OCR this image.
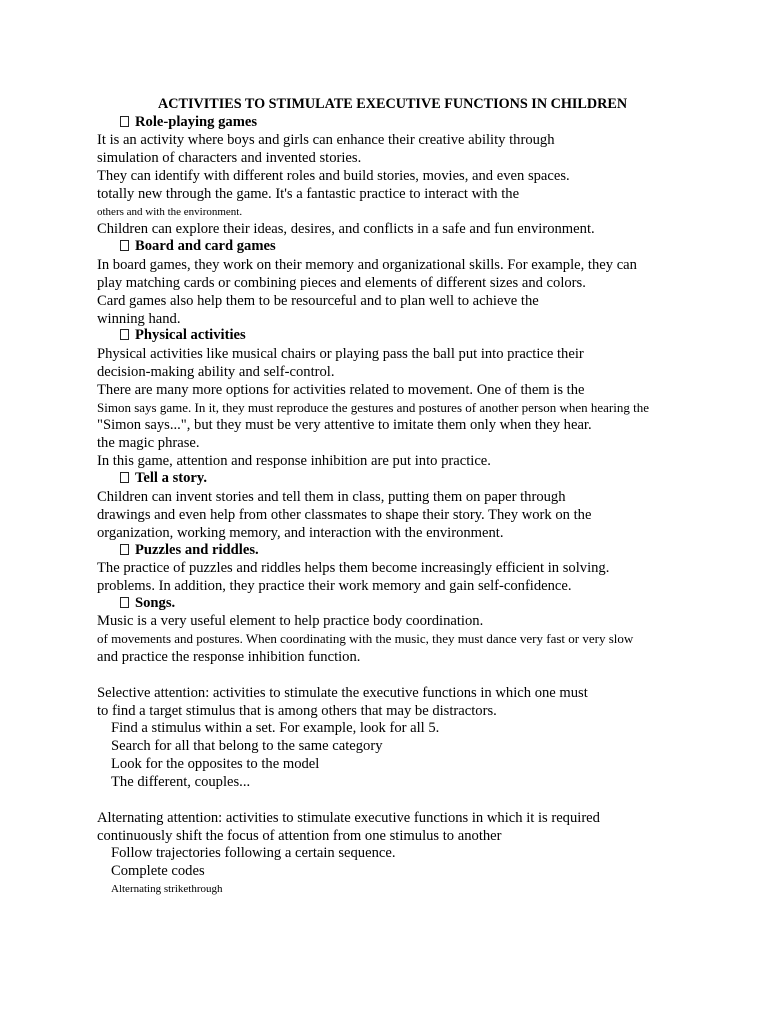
ACTIVITIES TO STIMULATE EXECUTIVE FUNCTIONS IN CHILDREN
Role-playing games
It is an activity where boys and girls can enhance their creative ability through
simulation of characters and invented stories.
They can identify with different roles and build stories, movies, and even spaces.
totally new through the game. It's a fantastic practice to interact with the
others and with the environment.
Children can explore their ideas, desires, and conflicts in a safe and fun environment.
Board and card games
In board games, they work on their memory and organizational skills. For example, they can
play matching cards or combining pieces and elements of different sizes and colors.
Card games also help them to be resourceful and to plan well to achieve the
winning hand.
Physical activities
Physical activities like musical chairs or playing pass the ball put into practice their
decision-making ability and self-control.
There are many more options for activities related to movement. One of them is the
Simon says game. In it, they must reproduce the gestures and postures of another person when hearing the
"Simon says...", but they must be very attentive to imitate them only when they hear.
the magic phrase.
In this game, attention and response inhibition are put into practice.
Tell a story.
Children can invent stories and tell them in class, putting them on paper through
drawings and even help from other classmates to shape their story. They work on the
organization, working memory, and interaction with the environment.
Puzzles and riddles.
The practice of puzzles and riddles helps them become increasingly efficient in solving.
problems. In addition, they practice their work memory and gain self-confidence.
Songs.
Music is a very useful element to help practice body coordination.
of movements and postures. When coordinating with the music, they must dance very fast or very slow
and practice the response inhibition function.
Selective attention: activities to stimulate the executive functions in which one must
to find a target stimulus that is among others that may be distractors.
Find a stimulus within a set. For example, look for all 5.
Search for all that belong to the same category
Look for the opposites to the model
The different, couples...
Alternating attention: activities to stimulate executive functions in which it is required
continuously shift the focus of attention from one stimulus to another
Follow trajectories following a certain sequence.
Complete codes
Alternating strikethrough
